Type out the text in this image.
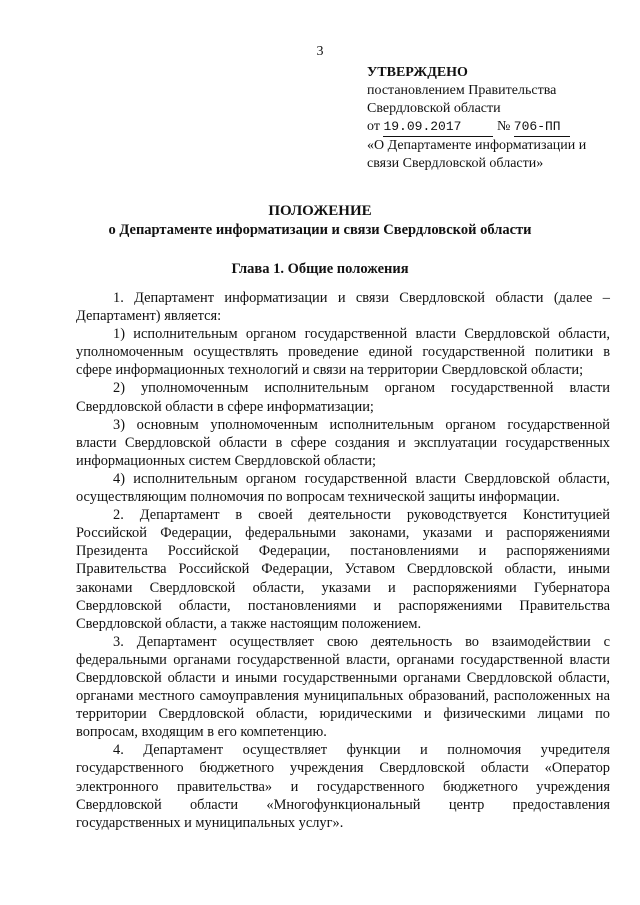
3
УТВЕРЖДЕНО
постановлением Правительства
Свердловской области
от 19.09.2017	№ 706-ПП
«О Департаменте информатизации и
связи Свердловской области»
ПОЛОЖЕНИЕ
о Департаменте информатизации и связи Свердловской области
Глава 1. Общие положения

1. Департамент информатизации и связи Свердловской области (далее – Департамент) является:

1) исполнительным органом государственной власти Свердловской области, уполномоченным осуществлять проведение единой государственной политики в сфере информационных технологий и связи на территории Свердловской области;

2) уполномоченным исполнительным органом государственной власти Свердловской области в сфере информатизации;

3) основным уполномоченным исполнительным органом государственной власти Свердловской области в сфере создания и эксплуатации государственных информационных систем Свердловской области;

4) исполнительным органом государственной власти Свердловской области, осуществляющим полномочия по вопросам технической защиты информации.

2. Департамент в своей деятельности руководствуется Конституцией Российской Федерации, федеральными законами, указами и распоряжениями Президента Российской Федерации, постановлениями и распоряжениями Правительства Российской Федерации, Уставом Свердловской области, иными законами Свердловской области, указами и распоряжениями Губернатора Свердловской области, постановлениями и распоряжениями Правительства Свердловской области, а также настоящим положением.

3. Департамент осуществляет свою деятельность во взаимодействии с федеральными органами государственной власти, органами государственной власти Свердловской области и иными государственными органами Свердловской области, органами местного самоуправления муниципальных образований, расположенных на территории Свердловской области, юридическими и физическими лицами по вопросам, входящим в его компетенцию.

4. Департамент осуществляет функции и полномочия учредителя государственного бюджетного учреждения Свердловской области «Оператор электронного правительства» и государственного бюджетного учреждения Свердловской области «Многофункциональный центр предоставления государственных и муниципальных услуг».
